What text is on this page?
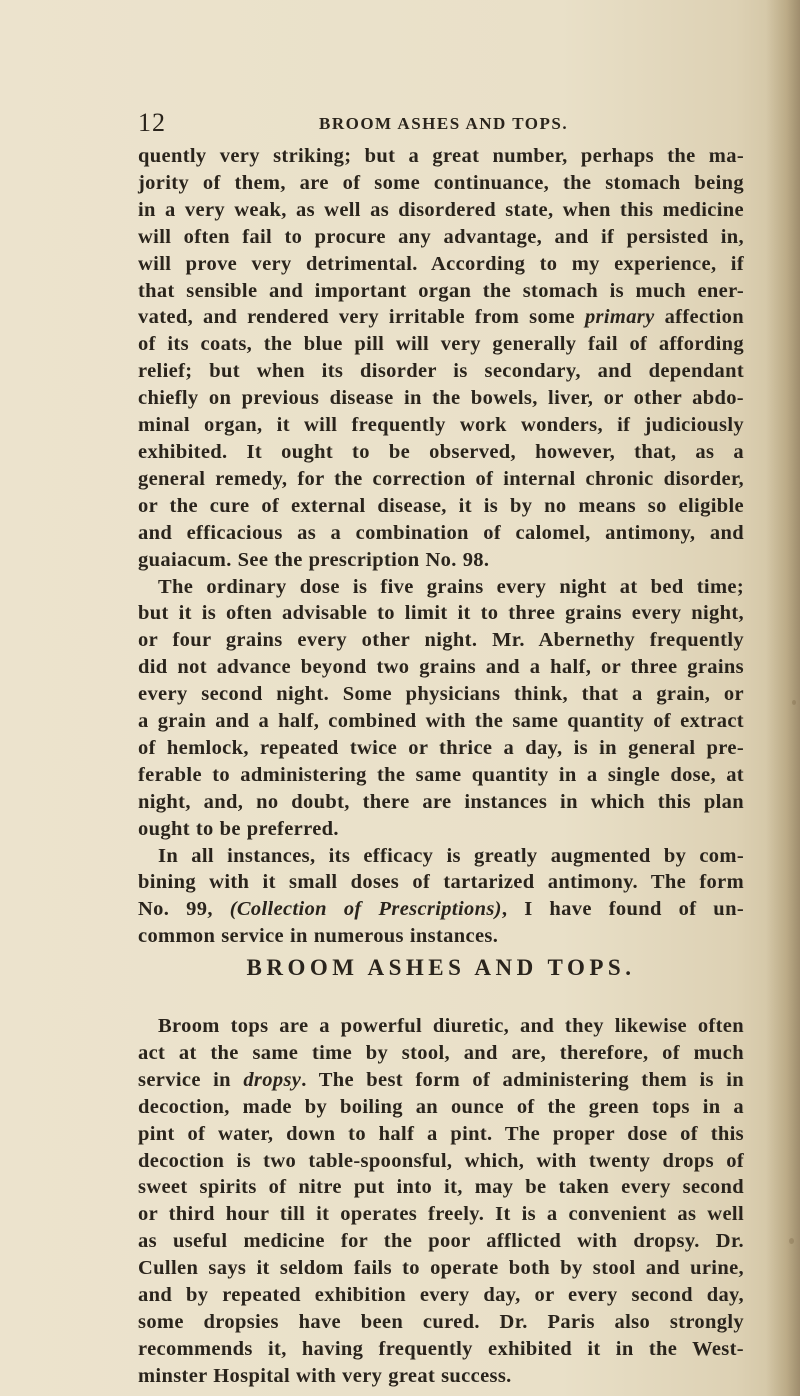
12	BROOM ASHES AND TOPS.
quently very striking; but a great number, perhaps the ma-
jority of them, are of some continuance, the stomach being
in a very weak, as well as disordered state, when this medicine
will often fail to procure any advantage, and if persisted in,
will prove very detrimental. According to my experience, if
that sensible and important organ the stomach is much ener-
vated, and rendered very irritable from some primary affection
of its coats, the blue pill will very generally fail of affording
relief; but when its disorder is secondary, and dependant
chiefly on previous disease in the bowels, liver, or other abdo-
minal organ, it will frequently work wonders, if judiciously
exhibited. It ought to be observed, however, that, as a
general remedy, for the correction of internal chronic disorder,
or the cure of external disease, it is by no means so eligible
and efficacious as a combination of calomel, antimony, and
guaiacum. See the prescription No. 98.
The ordinary dose is five grains every night at bed time;
but it is often advisable to limit it to three grains every night,
or four grains every other night. Mr. Abernethy frequently
did not advance beyond two grains and a half, or three grains
every second night. Some physicians think, that a grain, or
a grain and a half, combined with the same quantity of extract
of hemlock, repeated twice or thrice a day, is in general pre-
ferable to administering the same quantity in a single dose, at
night, and, no doubt, there are instances in which this plan
ought to be preferred.
In all instances, its efficacy is greatly augmented by com-
bining with it small doses of tartarized antimony. The form
No. 99, (Collection of Prescriptions), I have found of un-
common service in numerous instances.
BROOM ASHES AND TOPS.
Broom tops are a powerful diuretic, and they likewise often
act at the same time by stool, and are, therefore, of much
service in dropsy. The best form of administering them is in
decoction, made by boiling an ounce of the green tops in a
pint of water, down to half a pint. The proper dose of this
decoction is two table-spoonsful, which, with twenty drops of
sweet spirits of nitre put into it, may be taken every second
or third hour till it operates freely. It is a convenient as well
as useful medicine for the poor afflicted with dropsy. Dr.
Cullen says it seldom fails to operate both by stool and urine,
and by repeated exhibition every day, or every second day,
some dropsies have been cured. Dr. Paris also strongly
recommends it, having frequently exhibited it in the West-
minster Hospital with very great success.
